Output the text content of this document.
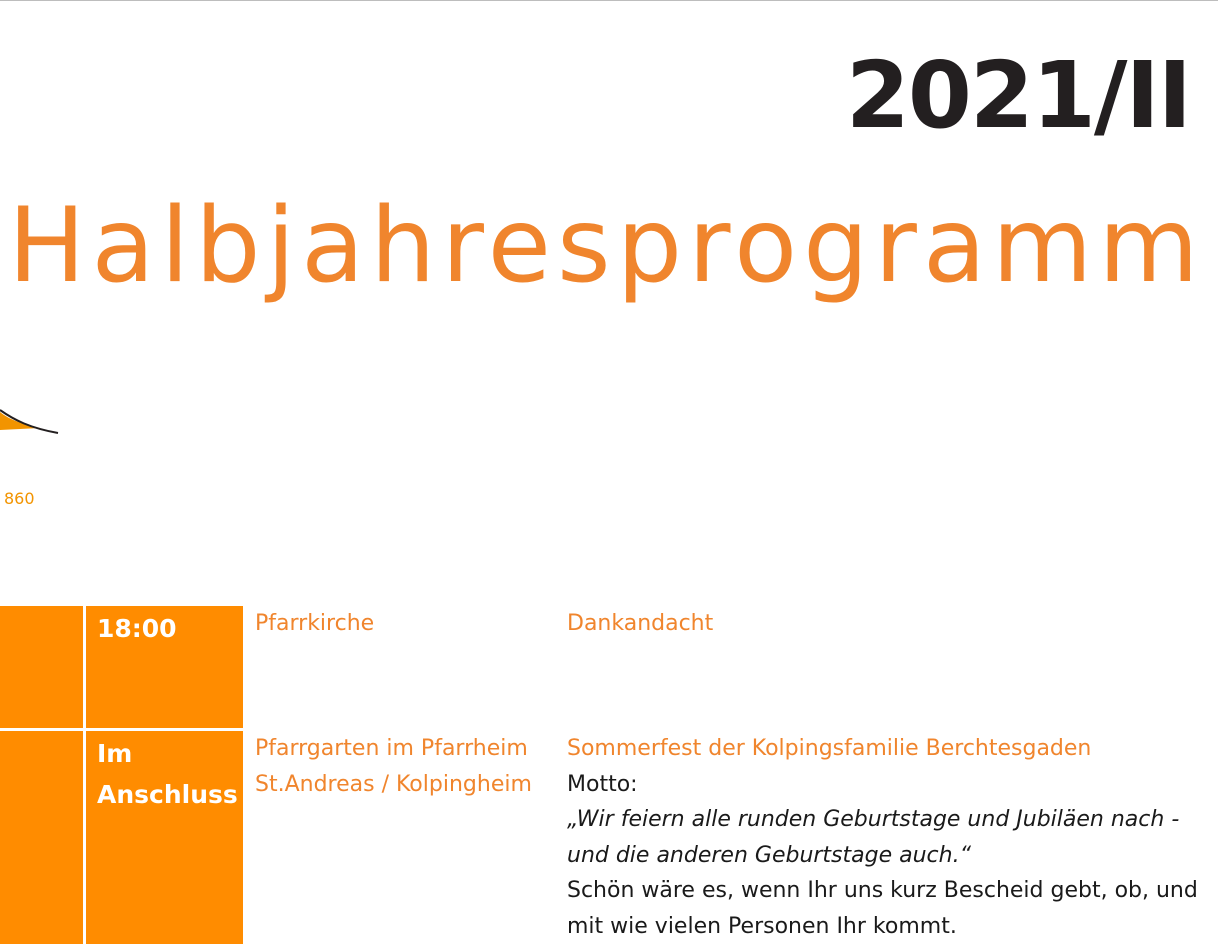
2021/II
Halbjahresprogramm
860
	18:00	Pfarrkirche	Dankandacht

	Im Anschluss	Pfarrgarten im Pfarrheim St.Andreas / Kolpingheim	Sommerfest der Kolpingsfamilie Berchtesgaden
Motto:
„Wir feiern alle runden Geburtstage und Jubiläen nach - und die anderen Geburtstage auch.“
Schön wäre es, wenn Ihr uns kurz Bescheid gebt, ob, und mit wie vielen Personen Ihr kommt.
